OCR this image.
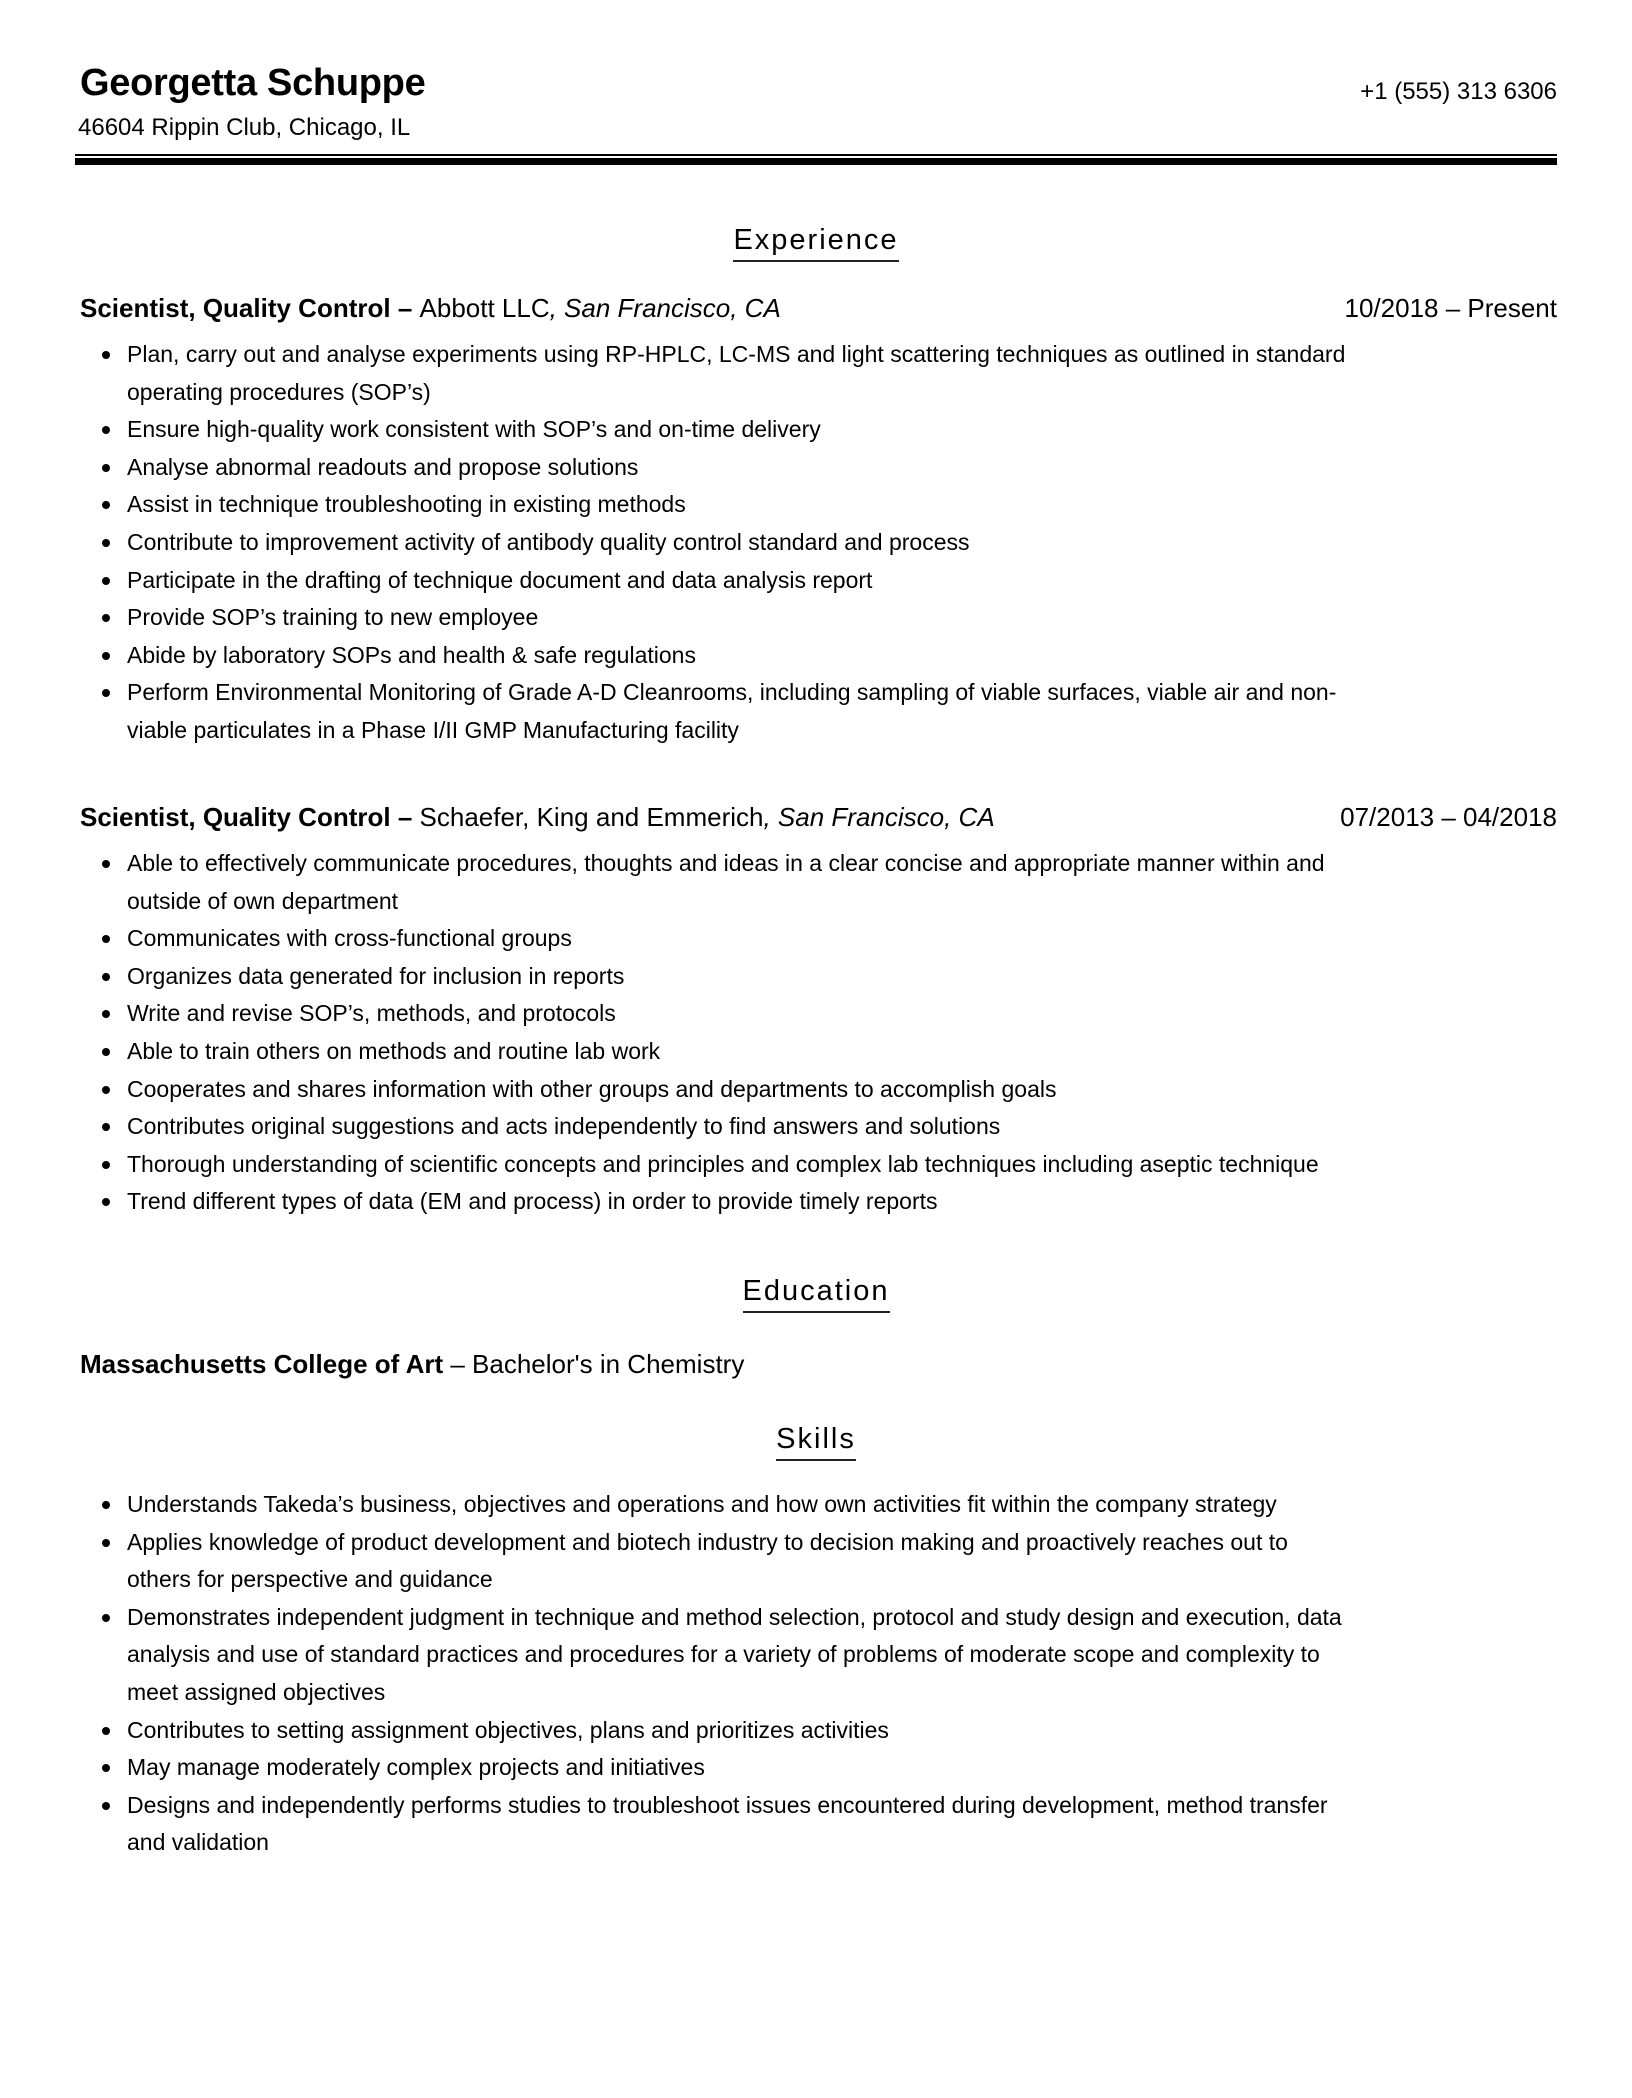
Georgetta Schuppe	+1 (555) 313 6306
46604 Rippin Club, Chicago, IL
Experience
Scientist, Quality Control – Abbott LLC, San Francisco, CA	10/2018 – Present
Plan, carry out and analyse experiments using RP-HPLC, LC-MS and light scattering techniques as outlined in standard
operating procedures (SOP’s)
Ensure high-quality work consistent with SOP’s and on-time delivery
Analyse abnormal readouts and propose solutions
Assist in technique troubleshooting in existing methods
Contribute to improvement activity of antibody quality control standard and process
Participate in the drafting of technique document and data analysis report
Provide SOP’s training to new employee
Abide by laboratory SOPs and health & safe regulations
Perform Environmental Monitoring of Grade A-D Cleanrooms, including sampling of viable surfaces, viable air and non-
viable particulates in a Phase I/II GMP Manufacturing facility
Scientist, Quality Control – Schaefer, King and Emmerich, San Francisco, CA	07/2013 – 04/2018
Able to effectively communicate procedures, thoughts and ideas in a clear concise and appropriate manner within and
outside of own department
Communicates with cross-functional groups
Organizes data generated for inclusion in reports
Write and revise SOP’s, methods, and protocols
Able to train others on methods and routine lab work
Cooperates and shares information with other groups and departments to accomplish goals
Contributes original suggestions and acts independently to find answers and solutions
Thorough understanding of scientific concepts and principles and complex lab techniques including aseptic technique
Trend different types of data (EM and process) in order to provide timely reports
Education
Massachusetts College of Art – Bachelor's in Chemistry
Skills
Understands Takeda’s business, objectives and operations and how own activities fit within the company strategy
Applies knowledge of product development and biotech industry to decision making and proactively reaches out to
others for perspective and guidance
Demonstrates independent judgment in technique and method selection, protocol and study design and execution, data
analysis and use of standard practices and procedures for a variety of problems of moderate scope and complexity to
meet assigned objectives
Contributes to setting assignment objectives, plans and prioritizes activities
May manage moderately complex projects and initiatives
Designs and independently performs studies to troubleshoot issues encountered during development, method transfer
and validation
